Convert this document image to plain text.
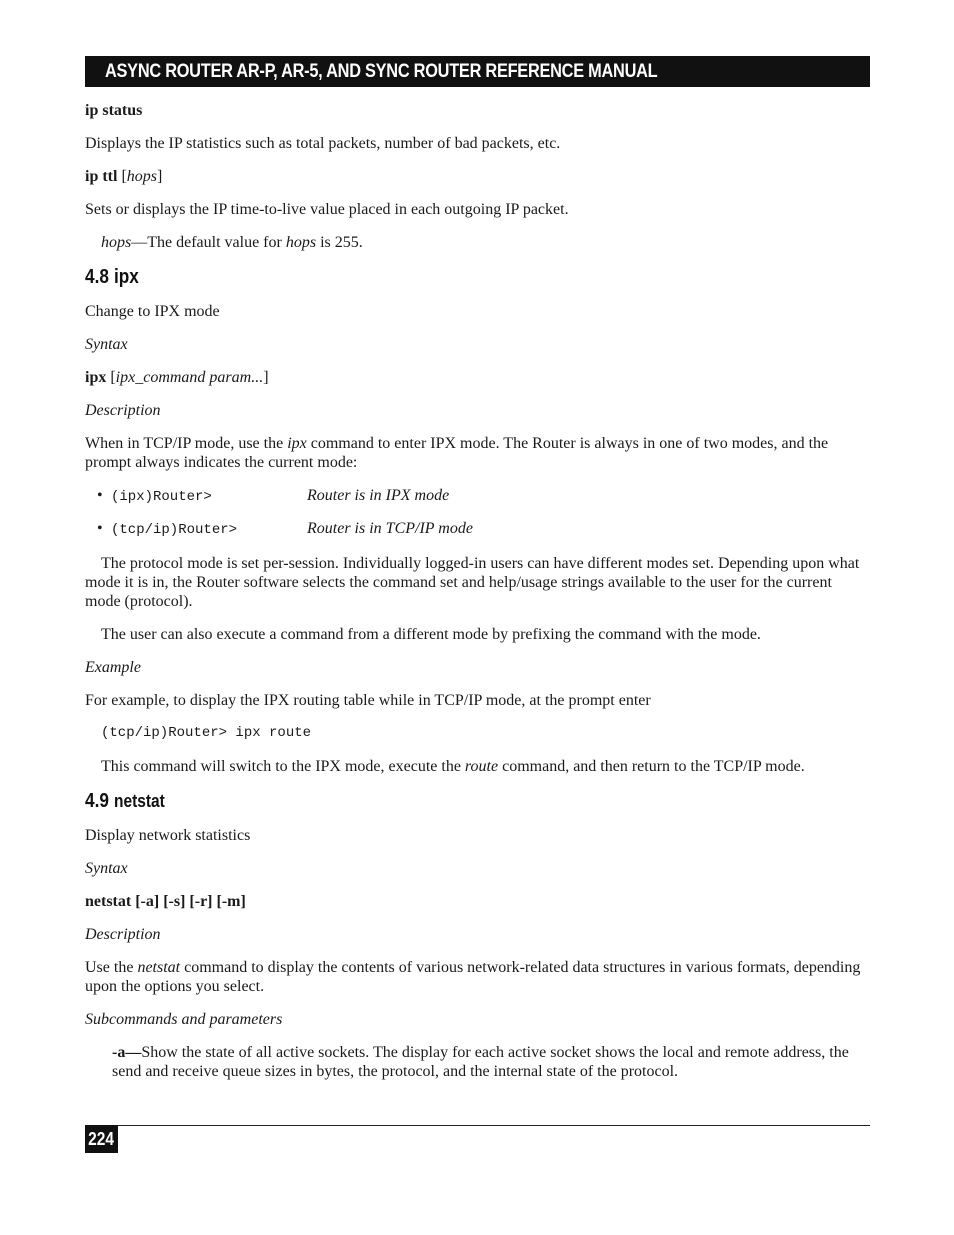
ASYNC ROUTER AR-P, AR-5, AND SYNC ROUTER REFERENCE MANUAL

ip status

Displays the IP statistics such as total packets, number of bad packets, etc.

ip ttl [hops]

Sets or displays the IP time-to-live value placed in each outgoing IP packet.

hops—The default value for hops is 255.

4.8 ipx

Change to IPX mode

Syntax

ipx [ipx_command param...]

Description

When in TCP/IP mode, use the ipx command to enter IPX mode. The Router is always in one of two modes, and the prompt always indicates the current mode:

• (ipx)Router>	Router is in IPX mode
• (tcp/ip)Router>	Router is in TCP/IP mode

The protocol mode is set per-session. Individually logged-in users can have different modes set. Depending upon what mode it is in, the Router software selects the command set and help/usage strings available to the user for the current mode (protocol).

The user can also execute a command from a different mode by prefixing the command with the mode.

Example

For example, to display the IPX routing table while in TCP/IP mode, at the prompt enter

(tcp/ip)Router> ipx route

This command will switch to the IPX mode, execute the route command, and then return to the TCP/IP mode.

4.9 netstat

Display network statistics

Syntax

netstat [-a] [-s] [-r] [-m]

Description

Use the netstat command to display the contents of various network-related data structures in various formats, depending upon the options you select.

Subcommands and parameters

-a—Show the state of all active sockets. The display for each active socket shows the local and remote address, the send and receive queue sizes in bytes, the protocol, and the internal state of the protocol.

224
